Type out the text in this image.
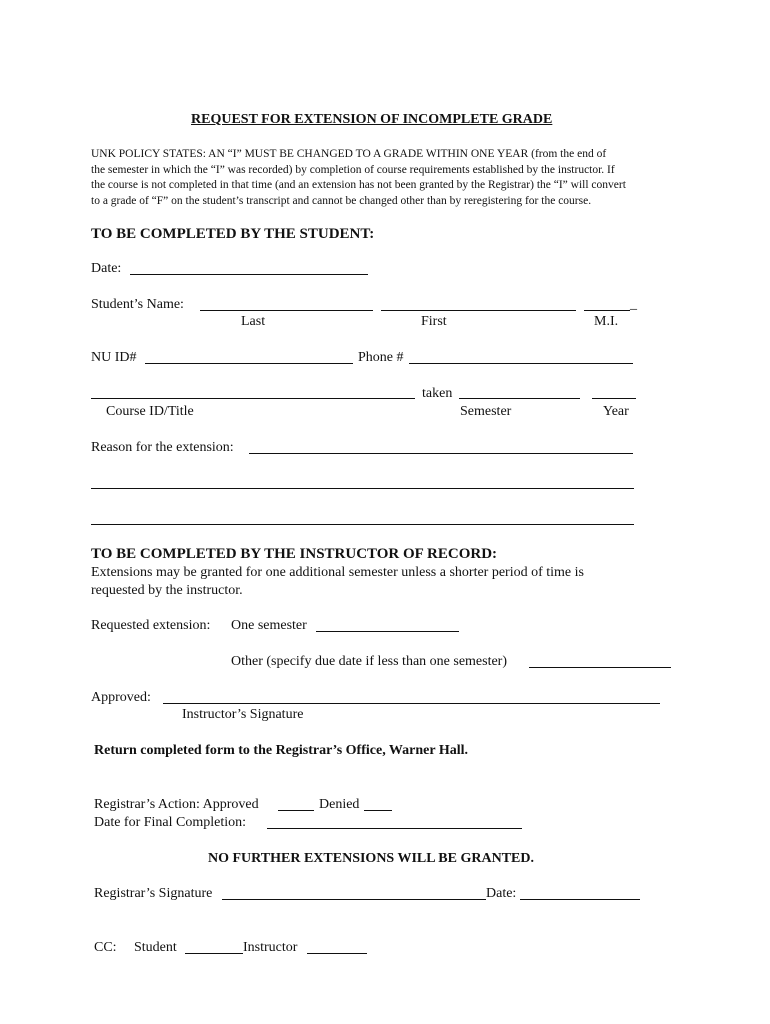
REQUEST FOR EXTENSION OF INCOMPLETE GRADE
UNK POLICY STATES: AN “I” MUST BE CHANGED TO A GRADE WITHIN ONE YEAR (from the end of
the semester in which the “I” was recorded) by completion of course requirements established by the instructor. If
the course is not completed in that time (and an extension has not been granted by the Registrar) the “I” will convert
to a grade of “F” on the student’s transcript and cannot be changed other than by reregistering for the course.
TO BE COMPLETED BY THE STUDENT:
Date:
Student’s Name:	_
Last	First	M.I.
NU ID#	Phone #
taken
Course ID/Title	Semester	Year
Reason for the extension:
TO BE COMPLETED BY THE INSTRUCTOR OF RECORD:
Extensions may be granted for one additional semester unless a shorter period of time is
requested by the instructor.
Requested extension: One semester
Other (specify due date if less than one semester)
Approved:
Instructor’s Signature
Return completed form to the Registrar’s Office, Warner Hall.
Registrar’s Action: Approved	Denied
Date for Final Completion:
NO FURTHER EXTENSIONS WILL BE GRANTED.
Registrar’s Signature	Date:
CC: Student	Instructor
